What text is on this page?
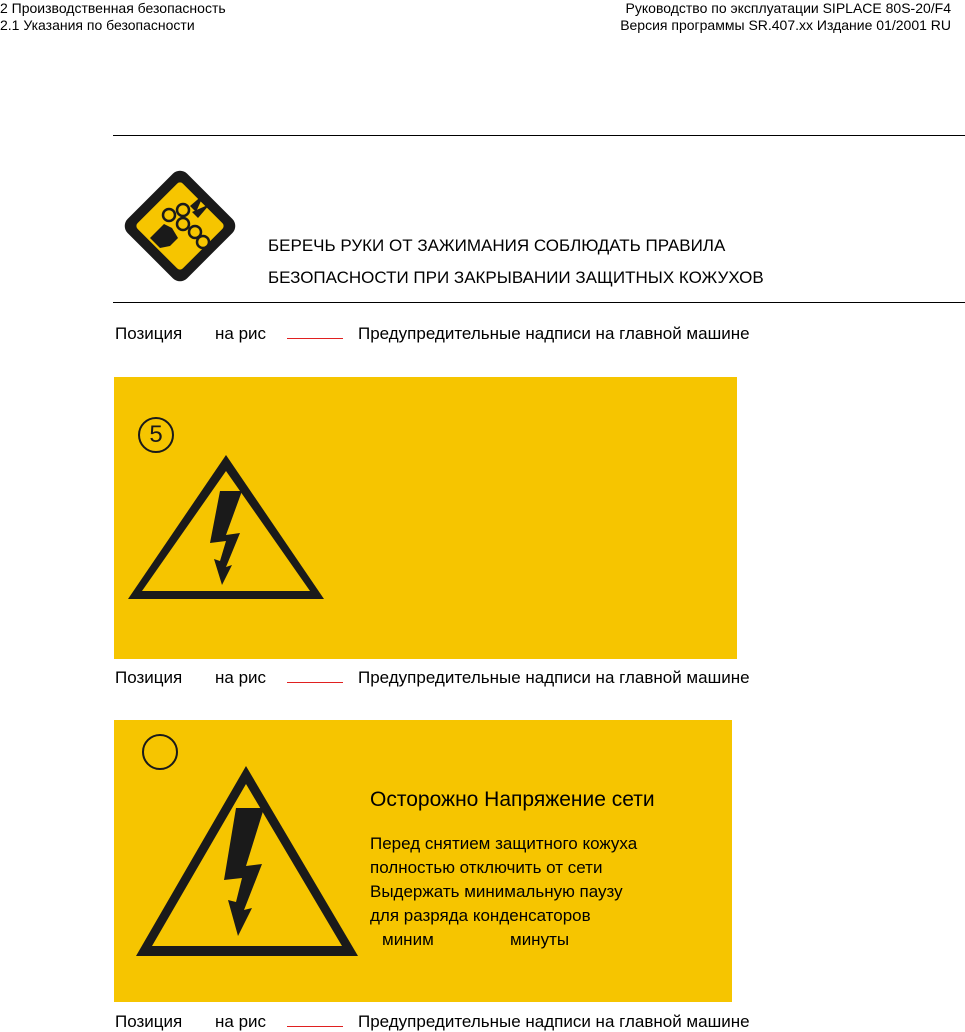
2 Производственная безопасность
2.1 Указания по безопасности
Руководство по эксплуатации SIPLACE 80S-20/F4
Версия программы SR.407.xx Издание 01/2001 RU
БЕРЕЧЬ РУКИ ОТ ЗАЖИМАНИЯ СОБЛЮДАТЬ ПРАВИЛА
БЕЗОПАСНОСТИ ПРИ ЗАКРЫВАНИИ ЗАЩИТНЫХ КОЖУХОВ
Позиция на рис	Предупредительные надписи на главной машине
5
Позиция на рис	Предупредительные надписи на главной машине
Осторожно Напряжение сети
Перед снятием защитного кожуха
полностью отключить от сети
Выдержать минимальную паузу
для разряда конденсаторов
миним	минуты
Позиция на рис	Предупредительные надписи на главной машине
